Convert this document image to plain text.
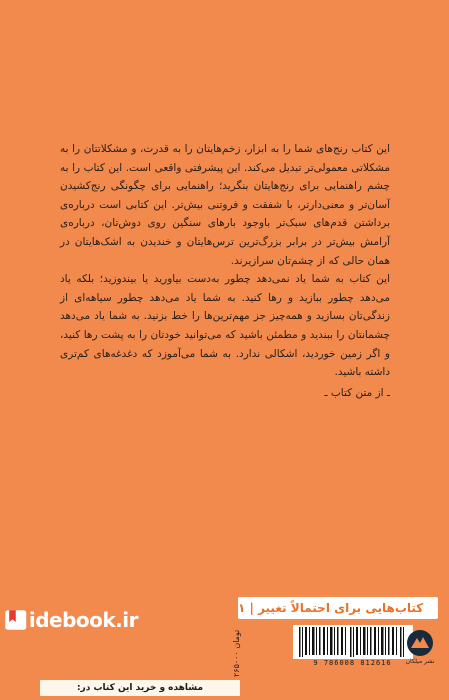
این کتاب رنج‌های شما را به ابزار، زخم‌هایتان را به قدرت، و مشکلاتتان را به مشکلاتی معمولی‌تر تبدیل می‌کند. این پیشرفتی واقعی است. این کتاب را به چشم راهنمایی برای رنج‌هایتان بنگرید؛ راهنمایی برای چگونگی رنج‌کشیدن آسان‌تر و معنی‌دارتر، با شفقت و فروتنی بیش‌تر. این کتابی است درباره‌ی برداشتن قدم‌های سبک‌تر باوجود بارهای سنگین روی دوش‌تان، درباره‌ی آرامش بیش‌تر در برابر بزرگ‌ترین ترس‌هایتان و خندیدن به اشک‌هایتان در همان حالی که از چشم‌تان سرازیرند.

این کتاب به شما یاد نمی‌دهد چطور به‌دست بیاورید یا بیندوزید؛ بلکه یاد می‌دهد چطور ببازید و رها کنید. به شما یاد می‌دهد چطور سیاهه‌ای از زندگی‌تان بسازید و همه‌چیز جز مهم‌ترین‌ها را خط بزنید. به شما یاد می‌دهد چشمانتان را ببندید و مطمئن باشید که می‌توانید خودتان را به پشت رها کنید، و اگر زمین خوردید، اشکالی ندارد. به شما می‌آموزد که دغدغه‌های کم‌تری داشته باشید.

ـ از متن کتاب ـ
کتاب‌هایی برای احتمالاً تغییر | ۱
۲۶۵۰۰۰ تومان
9 786008 812616 نشر میلکان
idebook.ir
مشاهده و خرید این کتاب در:
